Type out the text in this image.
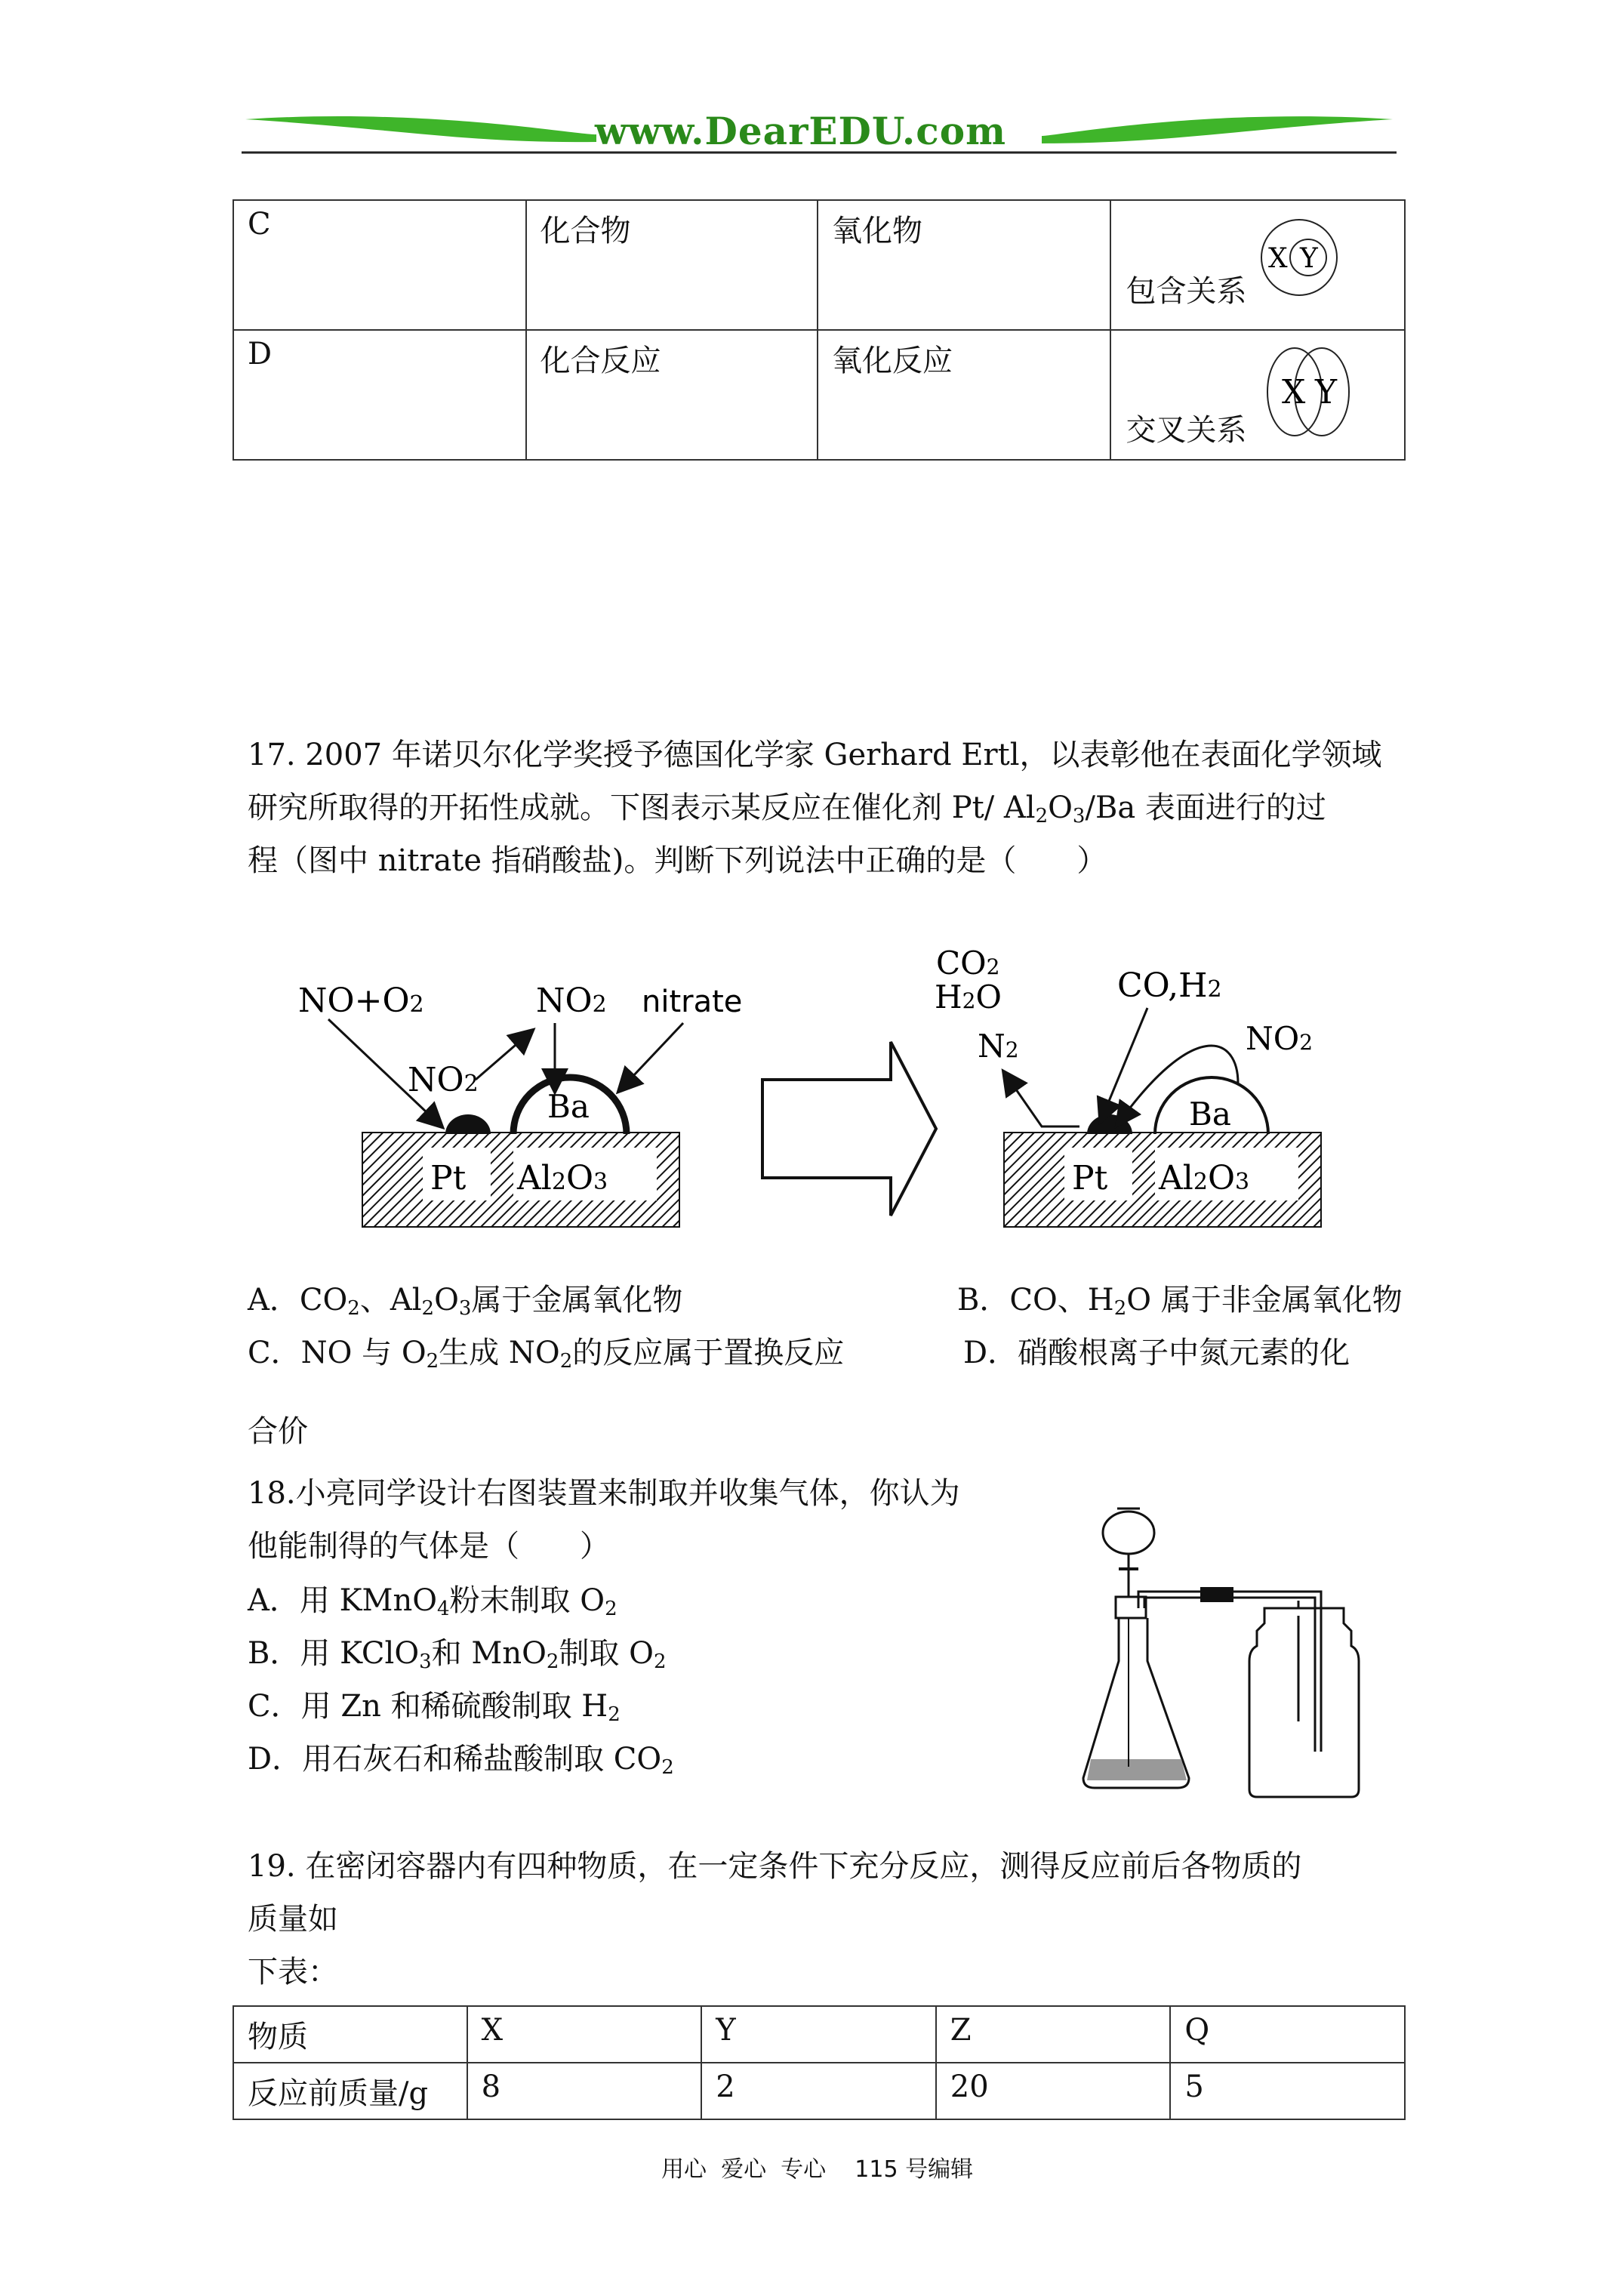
www.DearEDU.com
C	化合物	氧化物	包含关系
X Y

D	化合反应	氧化反应	交叉关系
X Y
17. 2007 年诺贝尔化学奖授予德国化学家 Gerhard Ertl，以表彰他在表面化学领域
研究所取得的开拓性成就。下图表示某反应在催化剂 Pt/ $Al_2O_3/Ba$ 表面进行的过
程（图中 nitrate 指硝酸盐)。判断下列说法中正确的是（　　）
Pt Al2O3
Ba
NO+O2
NO2
NO2 nitrate
Pt Al2O3
Ba
CO2
H2O
N2
CO,H2
NO2
A．$CO_2$、$Al_2O_3$属于金属氧化物	B．CO、$H_2O$ 属于非金属氧化物
C．NO 与 $O_2$生成 $NO_2$的反应属于置换反应	D．硝酸根离子中氮元素的化
合价
18.小亮同学设计右图装置来制取并收集气体，你认为
他能制得的气体是（　　）
A．用 KMnO$_4$粉末制取 $O_2$
B．用 KClO$_3$和 MnO$_2$制取 $O_2$
C．用 Zn 和稀硫酸制取 $H_2$
D．用石灰石和稀盐酸制取 $CO_2$
19. 在密闭容器内有四种物质，在一定条件下充分反应，测得反应前后各物质的
质量如
下表：
物质	X	Y	Z	Q
反应前质量/g	8	2	20	5
用心  爱心  专心    115 号编辑
